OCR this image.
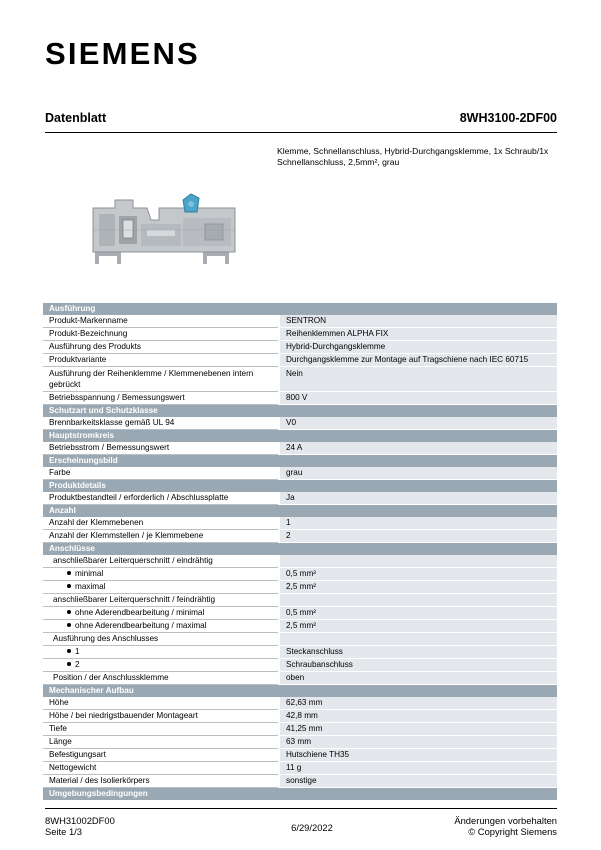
SIEMENS
Datenblatt	8WH3100-2DF00
Klemme, Schnellanschluss, Hybrid-Durchgangsklemme, 1x Schraub/1x Schnellanschluss, 2,5mm², grau
Ausführung	
Produkt-Markenname	SENTRON
Produkt-Bezeichnung	Reihenklemmen ALPHA FIX
Ausführung des Produkts	Hybrid-Durchgangsklemme
Produktvariante	Durchgangsklemme zur Montage auf Tragschiene nach IEC 60715
Ausführung der Reihenklemme / Klemmenebenen intern gebrückt	Nein
Betriebsspannung / Bemessungswert	800 V
Schutzart und Schutzklasse	
Brennbarkeitsklasse gemäß UL 94	V0
Hauptstromkreis	
Betriebsstrom / Bemessungswert	24 A
Erscheinungsbild	
Farbe	grau
Produktdetails	
Produktbestandteil / erforderlich / Abschlussplatte	Ja
Anzahl	
Anzahl der Klemmebenen	1
Anzahl der Klemmstellen / je Klemmebene	2
Anschlüsse	
anschließbarer Leiterquerschnitt / eindrähtig	
minimal	0,5 mm²
maximal	2,5 mm²
anschließbarer Leiterquerschnitt / feindrähtig	
ohne Aderendbearbeitung / minimal	0,5 mm²
ohne Aderendbearbeitung / maximal	2,5 mm²
Ausführung des Anschlusses	
1	Steckanschluss
2	Schraubanschluss
Position / der Anschlussklemme	oben
Mechanischer Aufbau	
Höhe	62,63 mm
Höhe / bei niedrigstbauender Montageart	42,8 mm
Tiefe	41,25 mm
Länge	63 mm
Befestigungsart	Hutschiene TH35
Nettogewicht	11 g
Material / des Isolierkörpers	sonstige
Umgebungsbedingungen	
8WH31002DF00
Seite 1/3	6/29/2022
Änderungen vorbehalten
© Copyright Siemens
